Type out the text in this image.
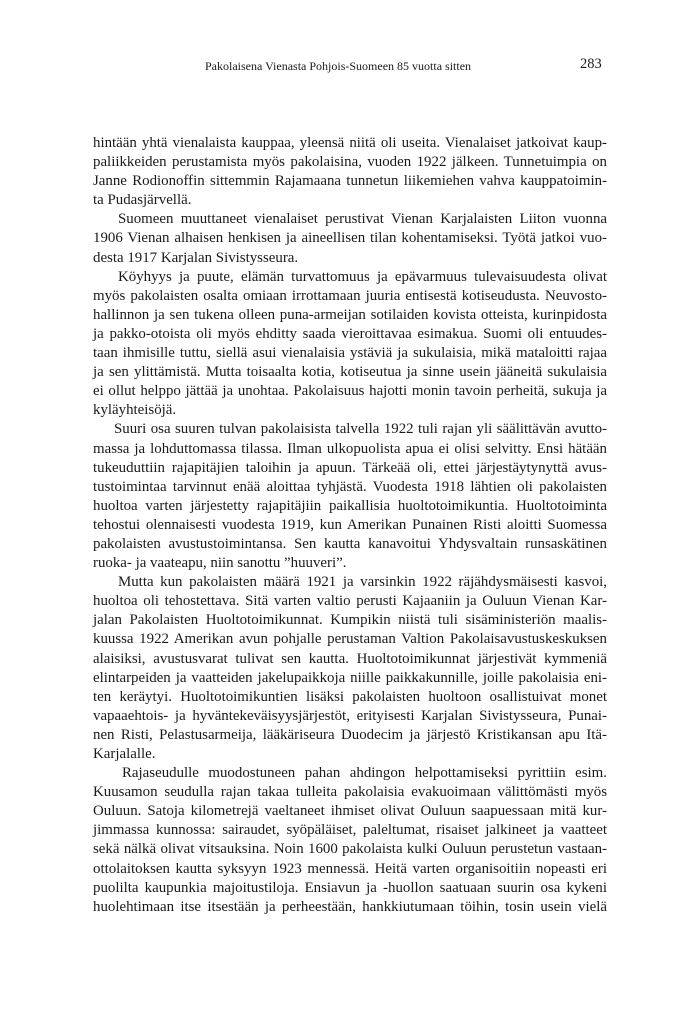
Pakolaisena Vienasta Pohjois-Suomeen 85 vuotta sitten	283
hintään yhtä vienalaista kauppaa, yleensä niitä oli useita. Vienalaiset jatkoivat kaup-
paliikkeiden perustamista myös pakolaisina, vuoden 1922 jälkeen. Tunnetuimpia on
Janne Rodionoffin sittemmin Rajamaana tunnetun liikemiehen vahva kauppatoimin-
ta Pudasjärvellä.
Suomeen muuttaneet vienalaiset perustivat Vienan Karjalaisten Liiton vuonna
1906 Vienan alhaisen henkisen ja aineellisen tilan kohentamiseksi. Työtä jatkoi vuo-
desta 1917 Karjalan Sivistysseura.
Köyhyys ja puute, elämän turvattomuus ja epävarmuus tulevaisuudesta olivat
myös pakolaisten osalta omiaan irrottamaan juuria entisestä kotiseudusta. Neuvosto-
hallinnon ja sen tukena olleen puna-armeijan sotilaiden kovista otteista, kurinpidosta
ja pakko-otoista oli myös ehditty saada vieroittavaa esimakua. Suomi oli entuudes-
taan ihmisille tuttu, siellä asui vienalaisia ystäviä ja sukulaisia, mikä mataloitti rajaa
ja sen ylittämistä. Mutta toisaalta kotia, kotiseutua ja sinne usein jääneitä sukulaisia
ei ollut helppo jättää ja unohtaa. Pakolaisuus hajotti monin tavoin perheitä, sukuja ja
kyläyhteisöjä.
Suuri osa suuren tulvan pakolaisista talvella 1922 tuli rajan yli säälittävän avutto-
massa ja lohduttomassa tilassa. Ilman ulkopuolista apua ei olisi selvitty. Ensi hätään
tukeuduttiin rajapitäjien taloihin ja apuun. Tärkeää oli, ettei järjestäytynyttä avus-
tustoimintaa tarvinnut enää aloittaa tyhjästä. Vuodesta 1918 lähtien oli pakolaisten
huoltoa varten järjestetty rajapitäjiin paikallisia huoltotoimikuntia. Huoltotoiminta
tehostui olennaisesti vuodesta 1919, kun Amerikan Punainen Risti aloitti Suomessa
pakolaisten avustustoimintansa. Sen kautta kanavoitui Yhdysvaltain runsaskätinen
ruoka- ja vaateapu, niin sanottu ”huuveri”.
Mutta kun pakolaisten määrä 1921 ja varsinkin 1922 räjähdysmäisesti kasvoi,
huoltoa oli tehostettava. Sitä varten valtio perusti Kajaaniin ja Ouluun Vienan Kar-
jalan Pakolaisten Huoltotoimikunnat. Kumpikin niistä tuli sisäministeriön maalis-
kuussa 1922 Amerikan avun pohjalle perustaman Valtion Pakolaisavustuskeskuksen
alaisiksi, avustusvarat tulivat sen kautta. Huoltotoimikunnat järjestivät kymmeniä
elintarpeiden ja vaatteiden jakelupaikkoja niille paikkakunnille, joille pakolaisia eni-
ten keräytyi. Huoltotoimikuntien lisäksi pakolaisten huoltoon osallistuivat monet
vapaaehtois- ja hyväntekeväisyysjärjestöt, erityisesti Karjalan Sivistysseura, Punai-
nen Risti, Pelastusarmeija, lääkäriseura Duodecim ja järjestö Kristikansan apu Itä-
Karjalalle.
Rajaseudulle muodostuneen pahan ahdingon helpottamiseksi pyrittiin esim.
Kuusamon seudulla rajan takaa tulleita pakolaisia evakuoimaan välittömästi myös
Ouluun. Satoja kilometrejä vaeltaneet ihmiset olivat Ouluun saapuessaan mitä kur-
jimmassa kunnossa: sairaudet, syöpäläiset, paleltumat, risaiset jalkineet ja vaatteet
sekä nälkä olivat vitsauksina. Noin 1600 pakolaista kulki Ouluun perustetun vastaan-
ottolaitoksen kautta syksyyn 1923 mennessä. Heitä varten organisoitiin nopeasti eri
puolilta kaupunkia majoitustiloja. Ensiavun ja -huollon saatuaan suurin osa kykeni
huolehtimaan itse itsestään ja perheestään, hankkiutumaan töihin, tosin usein vielä
